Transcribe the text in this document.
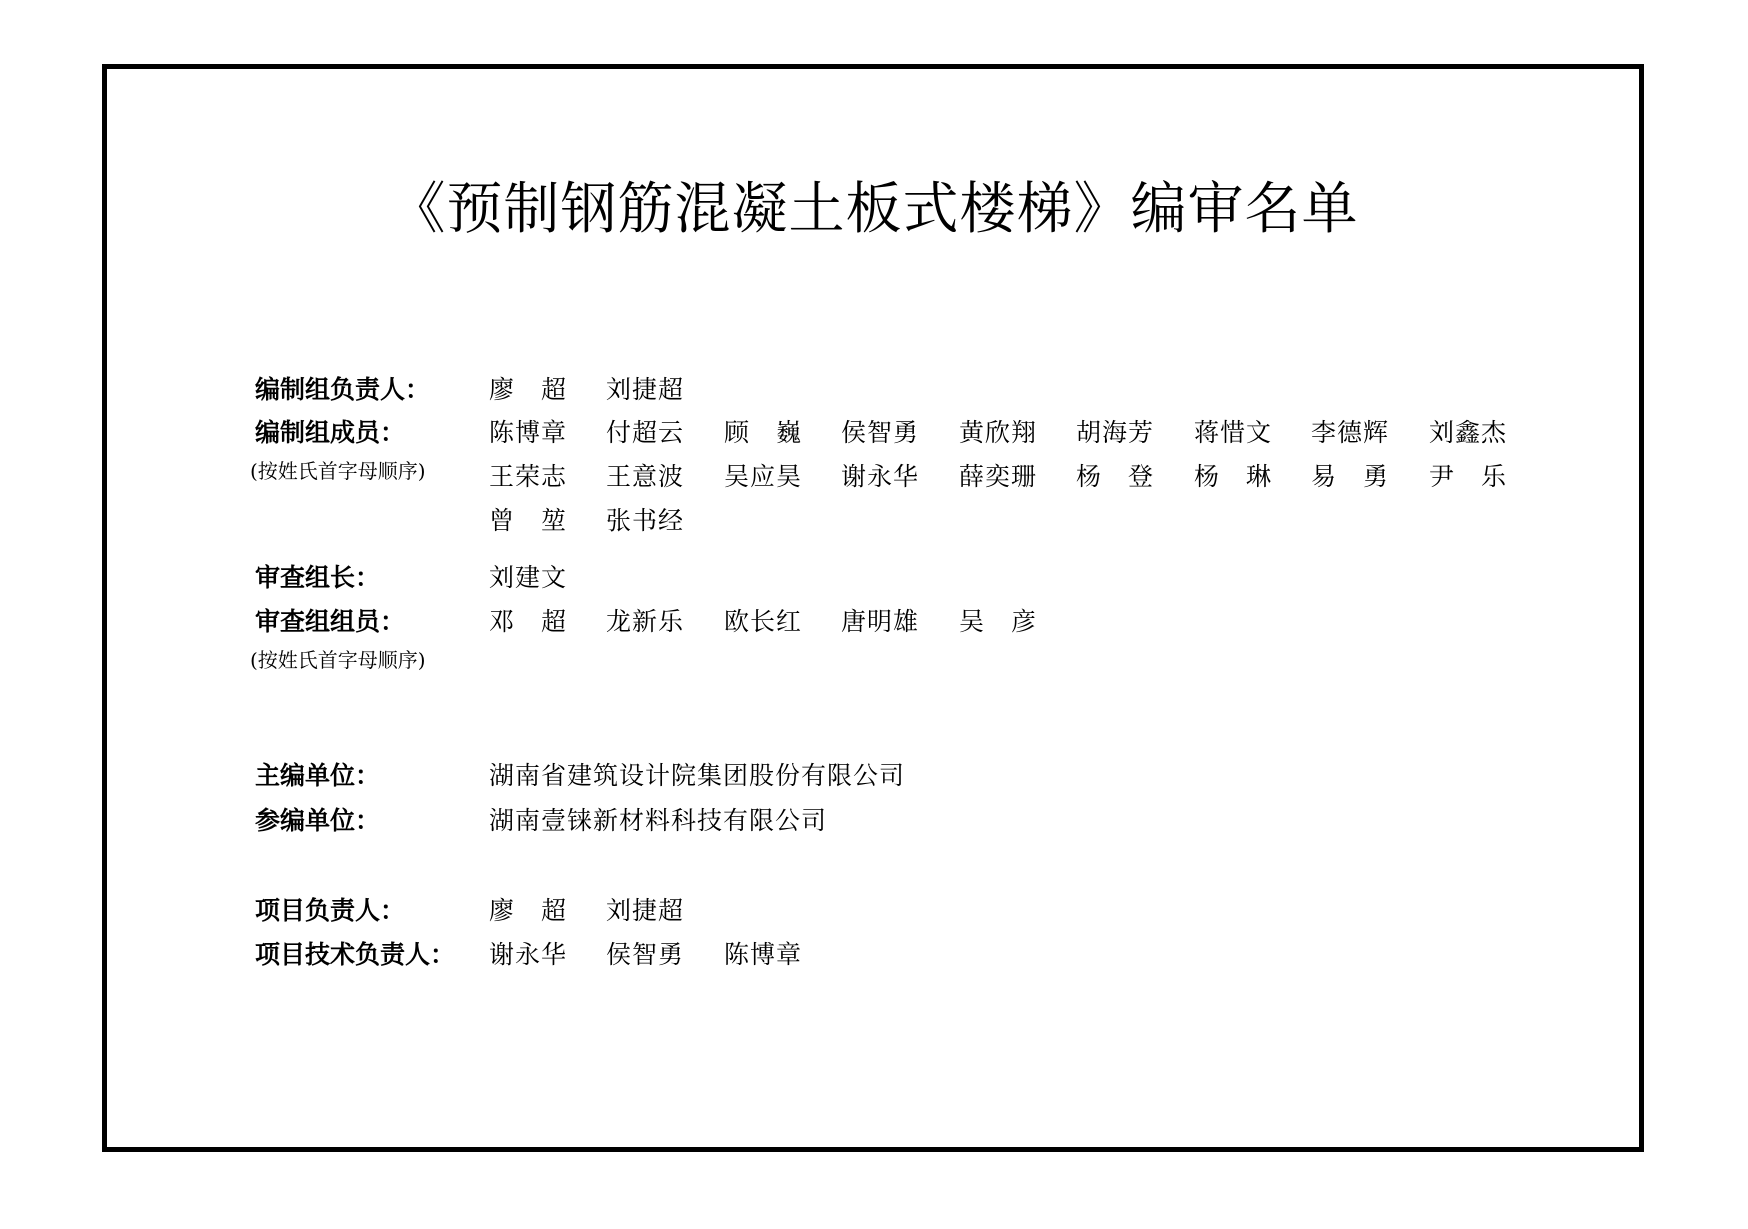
《预制钢筋混凝土板式楼梯》编审名单
编制组负责人： 廖　超 刘捷超
编制组成员：
(按姓氏首字母顺序)
陈博章 付超云 顾　巍 侯智勇 黄欣翔 胡海芳 蒋惜文 李德辉 刘鑫杰
王荣志 王意波 吴应昊 谢永华 薛奕珊 杨　登 杨　琳 易　勇 尹　乐
曾　堃 张书经
审查组长：	刘建文
审查组组员：
(按姓氏首字母顺序)
邓　超 龙新乐 欧长红 唐明雄 吴　彦
主编单位：	湖南省建筑设计院集团股份有限公司
参编单位：	湖南壹铼新材料科技有限公司
项目负责人：	廖　超 刘捷超
项目技术负责人： 谢永华 侯智勇 陈博章
